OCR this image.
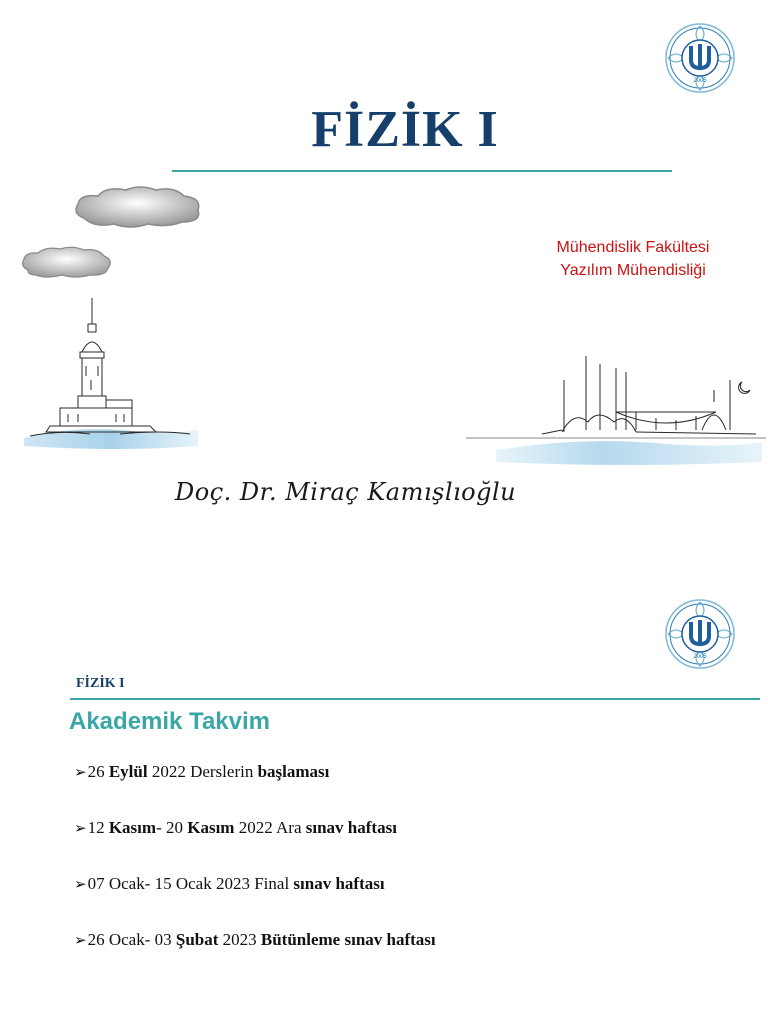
2005
FİZİK I
Mühendislik Fakültesi
Yazılım Mühendisliği
Doç. Dr. Miraç Kamışlıoğlu
2005
FİZİK I
Akademik Takvim
➢26 Eylül 2022 Derslerin başlaması
➢12 Kasım- 20 Kasım 2022 Ara sınav haftası
➢07 Ocak- 15 Ocak 2023 Final sınav haftası
➢26 Ocak- 03 Şubat 2023 Bütünleme sınav haftası
